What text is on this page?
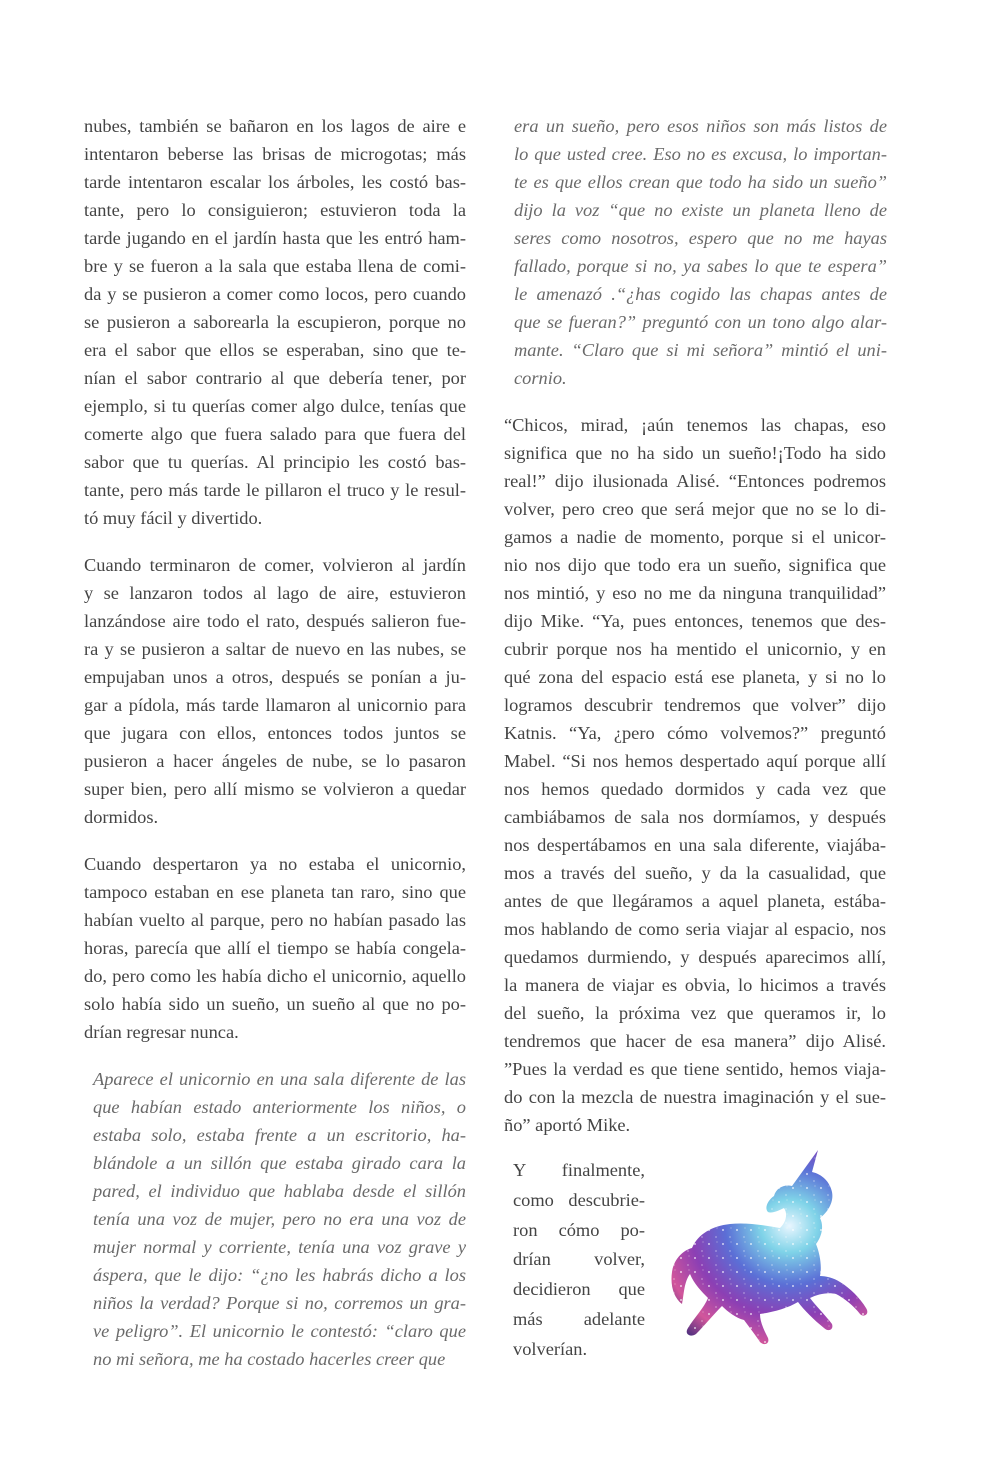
nubes, también se bañaron en los lagos de aire e
intentaron beberse las brisas de microgotas; más
tarde intentaron escalar los árboles, les costó bas-
tante, pero lo consiguieron; estuvieron toda la
tarde jugando en el jardín hasta que les entró ham-
bre y se fueron a la sala que estaba llena de comi-
da y se pusieron a comer como locos, pero cuando
se pusieron a saborearla la escupieron, porque no
era el sabor que ellos se esperaban, sino que te-
nían el sabor contrario al que debería tener, por
ejemplo, si tu querías comer algo dulce, tenías que
comerte algo que fuera salado para que fuera del
sabor que tu querías. Al principio les costó bas-
tante, pero más tarde le pillaron el truco y le resul-
tó muy fácil y divertido.
Cuando terminaron de comer, volvieron al jardín
y se lanzaron todos al lago de aire, estuvieron
lanzándose aire todo el rato, después salieron fue-
ra y se pusieron a saltar de nuevo en las nubes, se
empujaban unos a otros, después se ponían a ju-
gar a pídola, más tarde llamaron al unicornio para
que jugara con ellos, entonces todos juntos se
pusieron a hacer ángeles de nube, se lo pasaron
super bien, pero allí mismo se volvieron a quedar
dormidos.
Cuando despertaron ya no estaba el unicornio,
tampoco estaban en ese planeta tan raro, sino que
habían vuelto al parque, pero no habían pasado las
horas, parecía que allí el tiempo se había congela-
do, pero como les había dicho el unicornio, aquello
solo había sido un sueño, un sueño al que no po-
drían regresar nunca.
Aparece el unicornio en una sala diferente de las
que habían estado anteriormente los niños, o
estaba solo, estaba frente a un escritorio, ha-
blándole a un sillón que estaba girado cara la
pared, el individuo que hablaba desde el sillón
tenía una voz de mujer, pero no era una voz de
mujer normal y corriente, tenía una voz grave y
áspera, que le dijo: “¿no les habrás dicho a los
niños la verdad? Porque si no, corremos un gra-
ve peligro”. El unicornio le contestó: “claro que
no mi señora, me ha costado hacerles creer que
era un sueño, pero esos niños son más listos de
lo que usted cree. Eso no es excusa, lo importan-
te es que ellos crean que todo ha sido un sueño”
dijo la voz “que no existe un planeta lleno de
seres como nosotros, espero que no me hayas
fallado, porque si no, ya sabes lo que te espera”
le amenazó .“¿has cogido las chapas antes de
que se fueran?” preguntó con un tono algo alar-
mante. “Claro que si mi señora” mintió el uni-
cornio.
“Chicos, mirad, ¡aún tenemos las chapas, eso
significa que no ha sido un sueño!¡Todo ha sido
real!” dijo ilusionada Alisé. “Entonces podremos
volver, pero creo que será mejor que no se lo di-
gamos a nadie de momento, porque si el unicor-
nio nos dijo que todo era un sueño, significa que
nos mintió, y eso no me da ninguna tranquilidad”
dijo Mike. “Ya, pues entonces, tenemos que des-
cubrir porque nos ha mentido el unicornio, y en
qué zona del espacio está ese planeta, y si no lo
logramos descubrir tendremos que volver” dijo
Katnis. “Ya, ¿pero cómo volvemos?” preguntó
Mabel. “Si nos hemos despertado aquí porque allí
nos hemos quedado dormidos y cada vez que
cambiábamos de sala nos dormíamos, y después
nos despertábamos en una sala diferente, viajába-
mos a través del sueño, y da la casualidad, que
antes de que llegáramos a aquel planeta, estába-
mos hablando de como seria viajar al espacio, nos
quedamos durmiendo, y después aparecimos allí,
la manera de viajar es obvia, lo hicimos a través
del sueño, la próxima vez que queramos ir, lo
tendremos que hacer de esa manera” dijo Alisé.
”Pues la verdad es que tiene sentido, hemos viaja-
do con la mezcla de nuestra imaginación y el sue-
ño” aportó Mike.
Y finalmente,
como descubrie-
ron cómo po-
drían volver,
decidieron que
más adelante
volverían.
